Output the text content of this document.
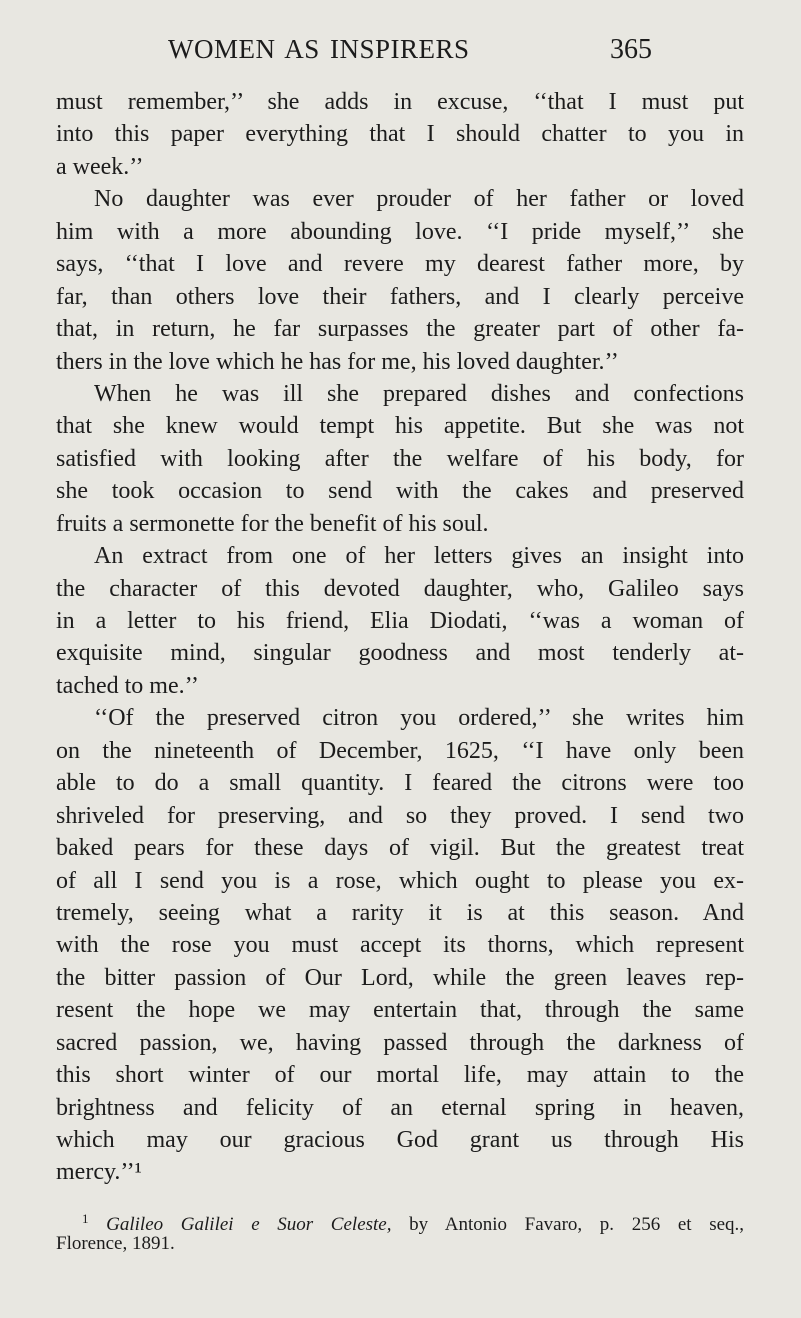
WOMEN AS INSPIRERS	365
must remember,’’ she adds in excuse, ‘‘that I must put
into this paper everything that I should chatter to you in
a week.’’
No daughter was ever prouder of her father or loved
him with a more abounding love. ‘‘I pride myself,’’ she
says, ‘‘that I love and revere my dearest father more, by
far, than others love their fathers, and I clearly perceive
that, in return, he far surpasses the greater part of other fa-
thers in the love which he has for me, his loved daughter.’’
When he was ill she prepared dishes and confections
that she knew would tempt his appetite. But she was not
satisfied with looking after the welfare of his body, for
she took occasion to send with the cakes and preserved
fruits a sermonette for the benefit of his soul.
An extract from one of her letters gives an insight into
the character of this devoted daughter, who, Galileo says
in a letter to his friend, Elia Diodati, ‘‘was a woman of
exquisite mind, singular goodness and most tenderly at-
tached to me.’’
‘‘Of the preserved citron you ordered,’’ she writes him
on the nineteenth of December, 1625, ‘‘I have only been
able to do a small quantity. I feared the citrons were too
shriveled for preserving, and so they proved. I send two
baked pears for these days of vigil. But the greatest treat
of all I send you is a rose, which ought to please you ex-
tremely, seeing what a rarity it is at this season. And
with the rose you must accept its thorns, which represent
the bitter passion of Our Lord, while the green leaves rep-
resent the hope we may entertain that, through the same
sacred passion, we, having passed through the darkness of
this short winter of our mortal life, may attain to the
brightness and felicity of an eternal spring in heaven,
which may our gracious God grant us through His
mercy.’’¹
$^1$ Galileo Galilei e Suor Celeste, by Antonio Favaro, p. 256 et seq.,
Florence, 1891.
